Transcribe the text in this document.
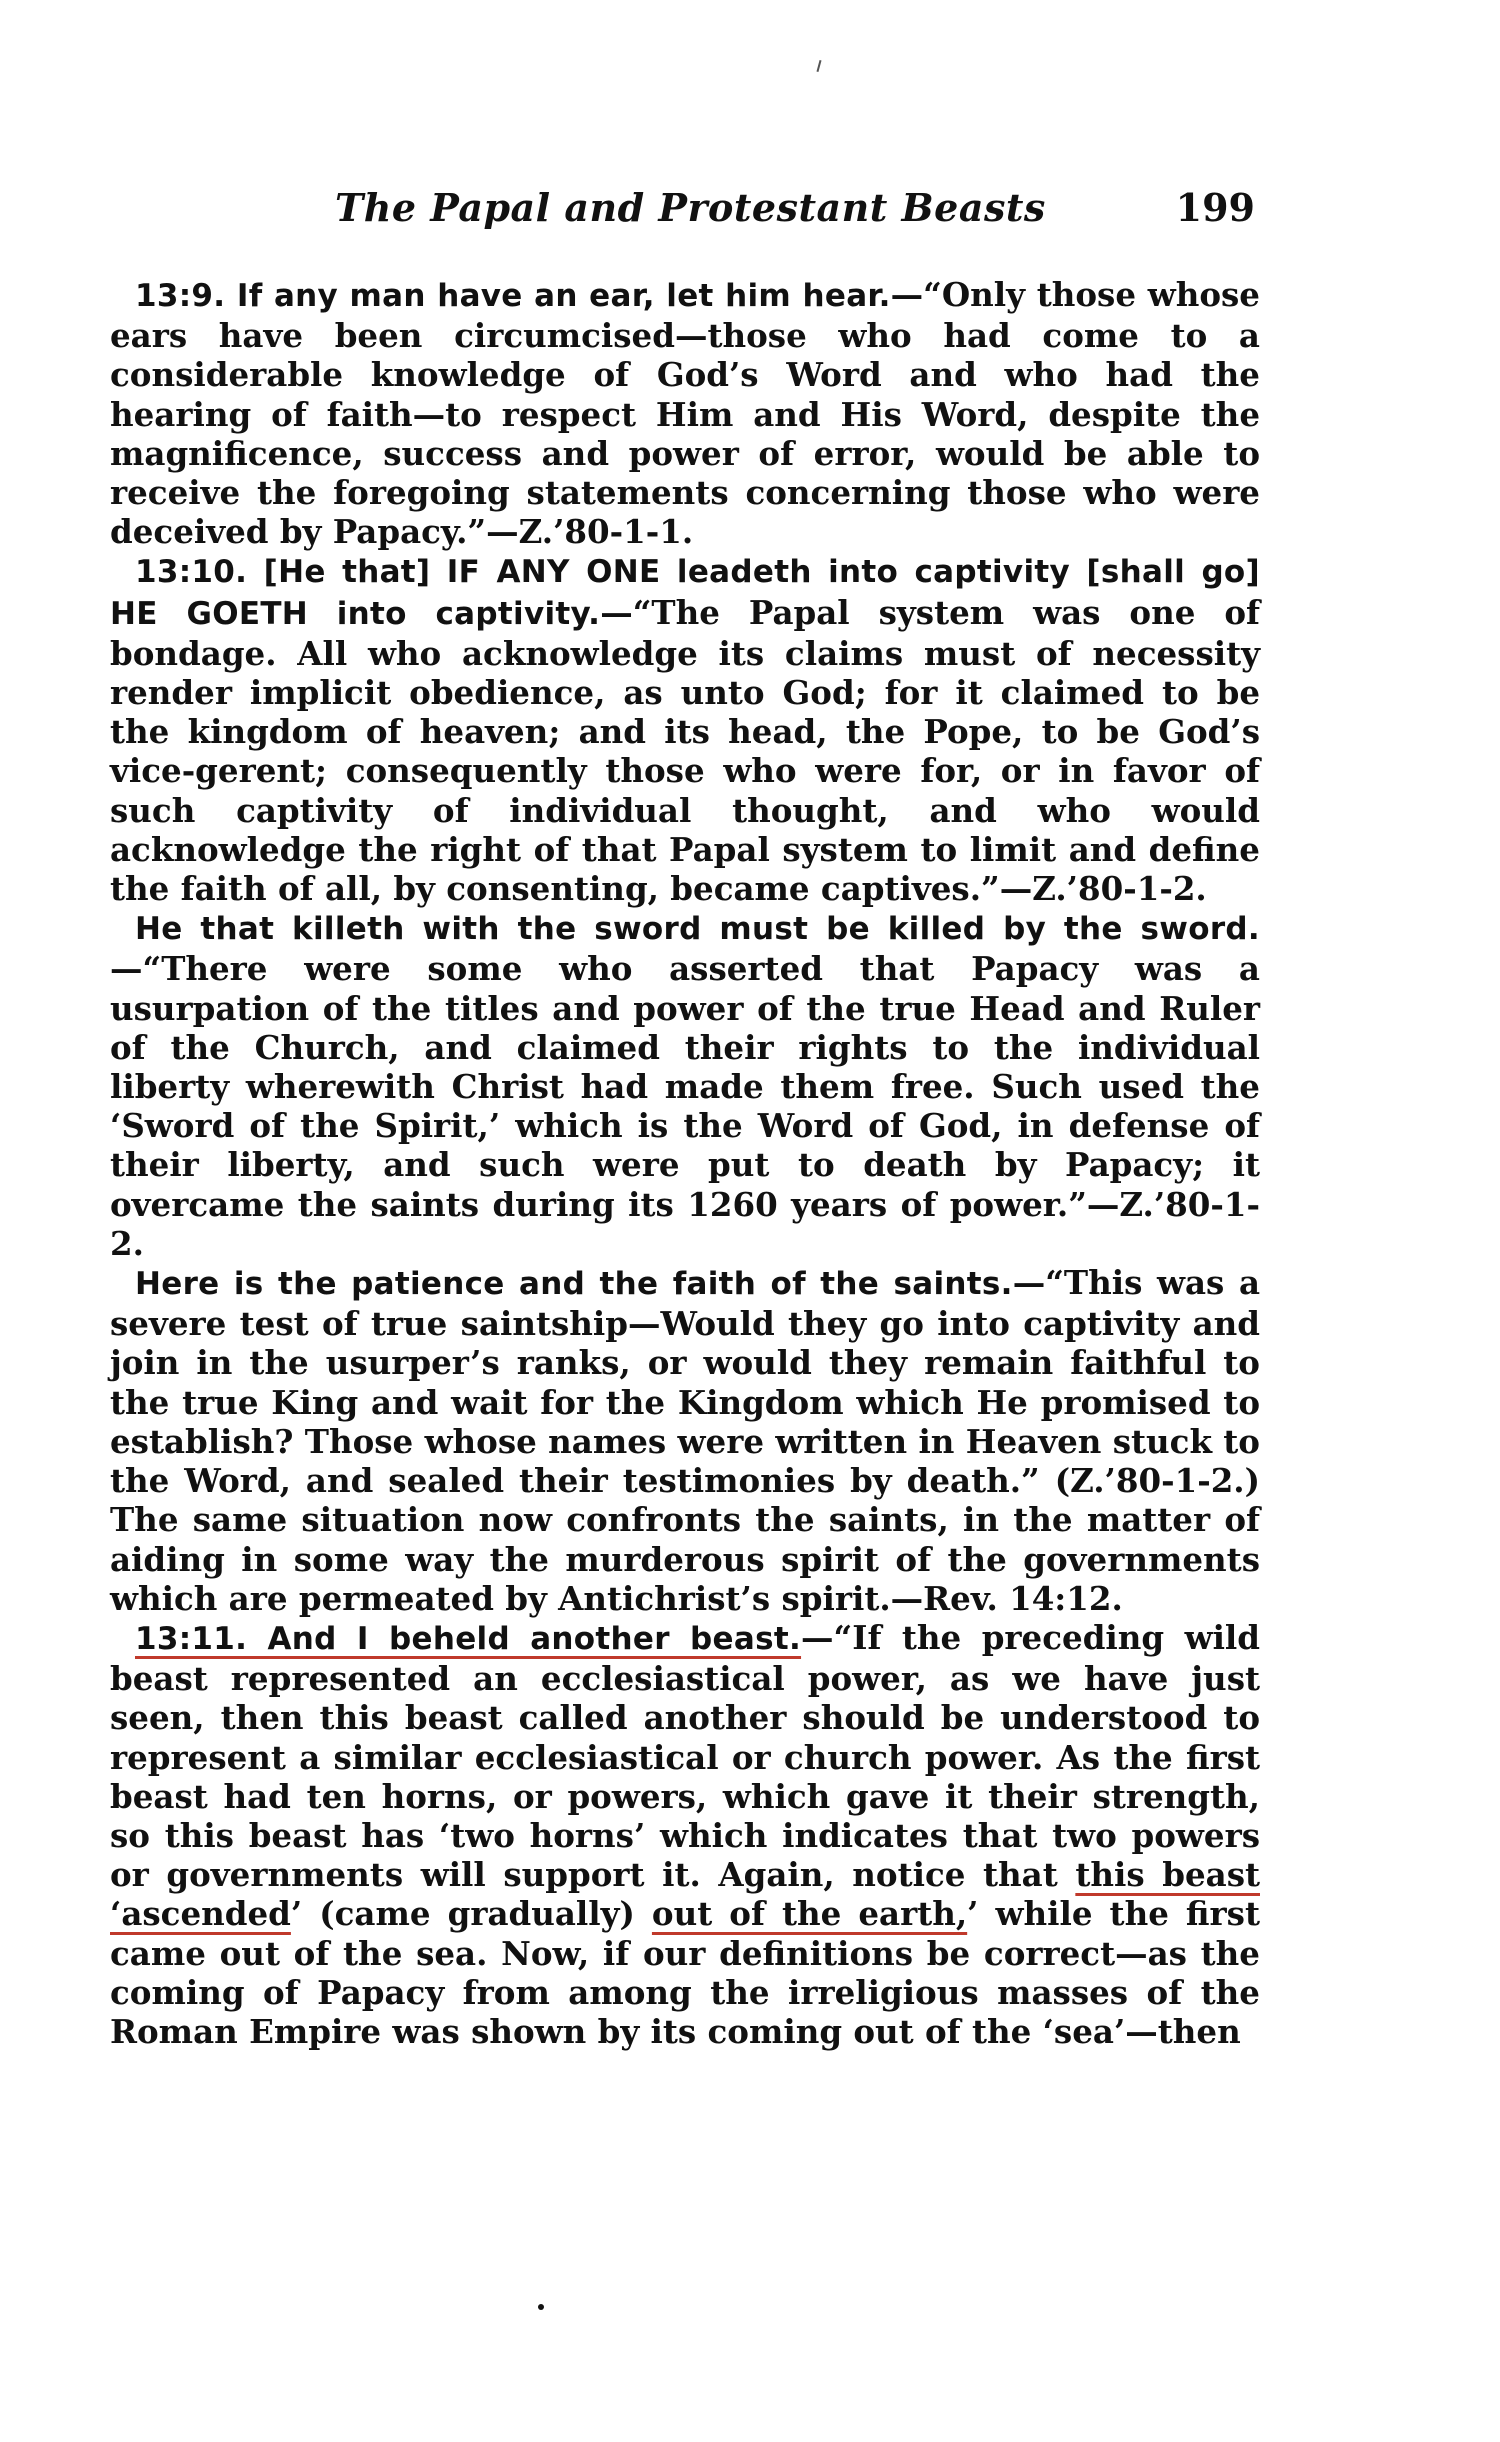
The Papal and Protestant Beasts	199

13:9. If any man have an ear, let him hear.—“Only those whose ears have been circumcised—those who had come to a considerable knowledge of God’s Word and who had the hearing of faith—to respect Him and His Word, despite the magnificence, success and power of error, would be able to receive the foregoing statements concerning those who were deceived by Papacy.”—Z.’80-1-1.

13:10. [He that] IF ANY ONE leadeth into captivity [shall go] HE GOETH into captivity.—“The Papal system was one of bondage. All who acknowledge its claims must of necessity render implicit obedience, as unto God; for it claimed to be the kingdom of heaven; and its head, the Pope, to be God’s vice-gerent; consequently those who were for, or in favor of such captivity of individual thought, and who would acknowledge the right of that Papal system to limit and define the faith of all, by consenting, became captives.”—Z.’80-1-2.

He that killeth with the sword must be killed by the sword.—“There were some who asserted that Papacy was a usurpation of the titles and power of the true Head and Ruler of the Church, and claimed their rights to the individual liberty wherewith Christ had made them free. Such used the ‘Sword of the Spirit,’ which is the Word of God, in defense of their liberty, and such were put to death by Papacy; it overcame the saints during its 1260 years of power.”—Z.’80-1-2.

Here is the patience and the faith of the saints.—“This was a severe test of true saintship—Would they go into captivity and join in the usurper’s ranks, or would they remain faithful to the true King and wait for the Kingdom which He promised to establish? Those whose names were written in Heaven stuck to the Word, and sealed their testimonies by death.” (Z.’80-1-2.) The same situation now confronts the saints, in the matter of aiding in some way the murderous spirit of the governments which are permeated by Antichrist’s spirit.—Rev. 14:12.

13:11. And I beheld another beast.—“If the preceding wild beast represented an ecclesiastical power, as we have just seen, then this beast called another should be understood to represent a similar ecclesiastical or church power. As the first beast had ten horns, or powers, which gave it their strength, so this beast has ‘two horns’ which indicates that two powers or governments will support it. Again, notice that this beast ‘ascended’ (came gradually) out of the earth,’ while the first came out of the sea. Now, if our definitions be correct—as the coming of Papacy from among the irreligious masses of the Roman Empire was shown by its coming out of the ‘sea’—then
